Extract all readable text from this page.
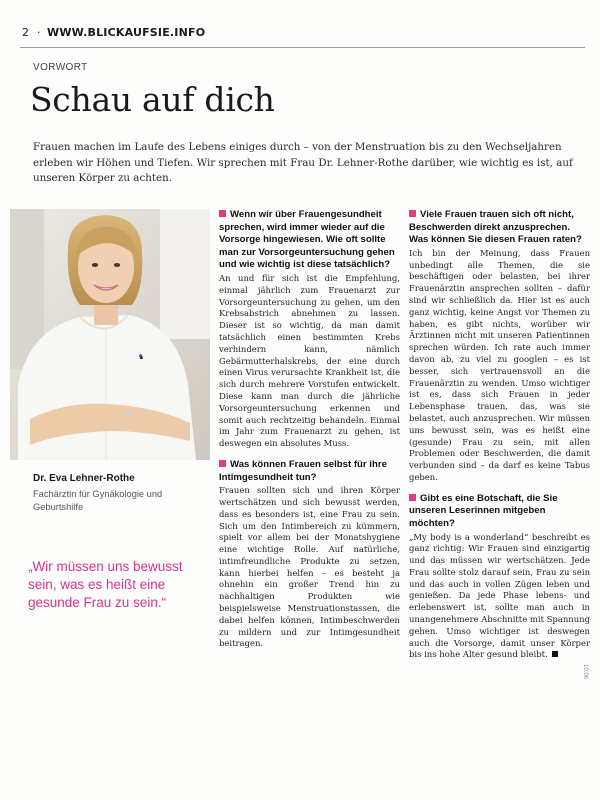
2 · WWW.BLICKAUFSIE.INFO
VORWORT
Schau auf dich
Frauen machen im Laufe des Lebens einiges durch – von der Menstruation bis zu den Wechseljahren erleben wir Höhen und Tiefen. Wir sprechen mit Frau Dr. Lehner-Rothe darüber, wie wichtig es ist, auf unseren Körper zu achten.
♞
Dr. Eva Lehner-Rothe
Fachärztin für Gynäkologie und Geburtshilfe
„Wir müssen uns bewusst sein, was es heißt eine gesunde Frau zu sein.“
Wenn wir über Frauengesundheit sprechen, wird immer wieder auf die Vorsorge hingewiesen. Wie oft sollte man zur Vorsorgeuntersuchung gehen und wie wichtig ist diese tatsächlich?
An und für sich ist die Empfehlung, einmal jährlich zum Frauenarzt zur Vorsorgeuntersuchung zu gehen, um den Krebsabstrich abnehmen zu lassen. Dieser ist so wichtig, da man damit tatsächlich einen bestimmten Krebs verhindern kann, nämlich Gebärmutterhalskrebs, der eine durch einen Virus verursachte Krankheit ist, die sich durch mehrere Vorstufen entwickelt. Diese kann man durch die jährliche Vorsorgeuntersuchung erkennen und somit auch rechtzeitig behandeln. Einmal im Jahr zum Frauenarzt zu gehen, ist deswegen ein absolutes Muss.
Was können Frauen selbst für ihre Intimgesundheit tun?
Frauen sollten sich und ihren Körper wertschätzen und sich bewusst werden, dass es besonders ist, eine Frau zu sein. Sich um den Intimbereich zu kümmern, spielt vor allem bei der Monatshygiene eine wichtige Rolle. Auf natürliche, intimfreundliche Produkte zu setzen, kann hierbei helfen – es besteht ja ohnehin ein großer Trend hin zu nachhaltigen Produkten wie beispielsweise Menstruationstassen, die dabei helfen können, Intimbeschwerden zu mildern und zur Intimgesundheit beitragen.
Viele Frauen trauen sich oft nicht, Beschwerden direkt anzusprechen. Was können Sie diesen Frauen raten?
Ich bin der Meinung, dass Frauen unbedingt alle Themen, die sie beschäftigen oder belasten, bei ihrer Frauenärztin ansprechen sollten – dafür sind wir schließlich da. Hier ist es auch ganz wichtig, keine Angst vor Themen zu haben, es gibt nichts, worüber wir Ärztinnen nicht mit unseren Patientinnen sprechen würden. Ich rate auch immer davon ab, zu viel zu googlen – es ist besser, sich vertrauensvoll an die Frauenärztin zu wenden. Umso wichtiger ist es, dass sich Frauen in jeder Lebensphase trauen, das, was sie belastet, auch anzusprechen. Wir müssen uns bewusst sein, was es heißt eine (gesunde) Frau zu sein, mit allen Problemen oder Beschwerden, die damit verbunden sind – da darf es keine Tabus geben.
Gibt es eine Botschaft, die Sie unseren Leserinnen mitgeben möchten?
„My body is a wonderland“ beschreibt es ganz richtig: Wir Frauen sind einzigartig und das müssen wir wertschätzen. Jede Frau sollte stolz darauf sein, Frau zu sein und das auch in vollen Zügen leben und genießen. Da jede Phase lebens- und erlebenswert ist, sollte man auch in unangenehmere Abschnitte mit Spannung gehen. Umso wichtiger ist deswegen auch die Vorsorge, damit unser Körper bis ins hohe Alter gesund bleibt.
10.06
